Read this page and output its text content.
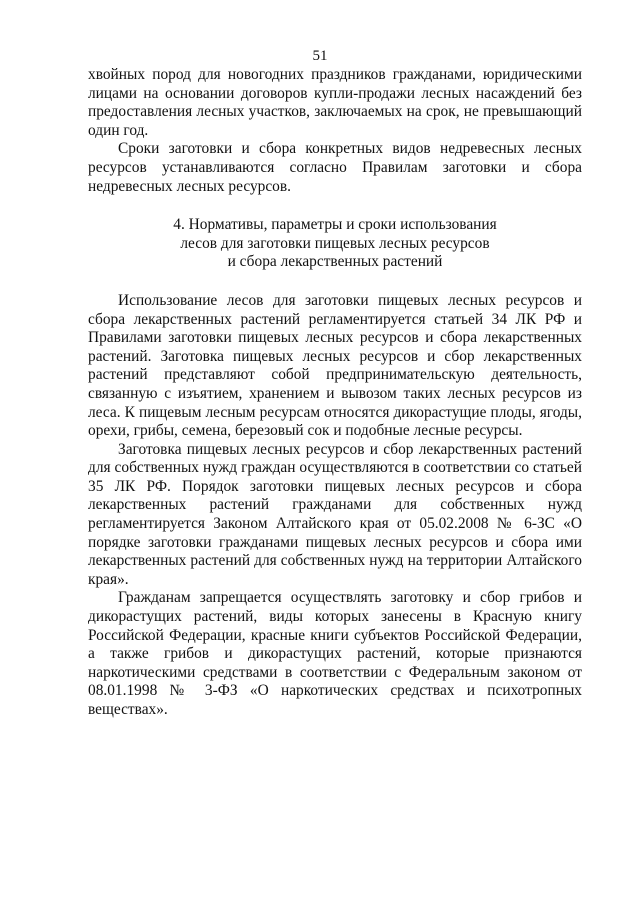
51

хвойных пород для новогодних праздников гражданами, юридическими лицами на основании договоров купли-продажи лесных насаждений без предоставления лесных участков, заключаемых на срок, не превышающий один год.

Сроки заготовки и сбора конкретных видов недревесных лесных ресурсов устанавливаются согласно Правилам заготовки и сбора недревесных лесных ресурсов.

4. Нормативы, параметры и сроки использования
лесов для заготовки пищевых лесных ресурсов
и сбора лекарственных растений

Использование лесов для заготовки пищевых лесных ресурсов и сбора лекарственных растений регламентируется статьей 34 ЛК РФ и Правилами заготовки пищевых лесных ресурсов и сбора лекарственных растений. Заготовка пищевых лесных ресурсов и сбор лекарственных растений представляют собой предпринимательскую деятельность, связанную с изъятием, хранением и вывозом таких лесных ресурсов из леса. К пищевым лесным ресурсам относятся дикорастущие плоды, ягоды, орехи, грибы, семена, березовый сок и подобные лесные ресурсы.

Заготовка пищевых лесных ресурсов и сбор лекарственных растений для собственных нужд граждан осуществляются в соответствии со статьей 35 ЛК РФ. Порядок заготовки пищевых лесных ресурсов и сбора лекарственных растений гражданами для собственных нужд регламентируется Законом Алтайского края от 05.02.2008 № 6-ЗС «О порядке заготовки гражданами пищевых лесных ресурсов и сбора ими лекарственных растений для собственных нужд на территории Алтайского края».

Гражданам запрещается осуществлять заготовку и сбор грибов и дикорастущих растений, виды которых занесены в Красную книгу Российской Федерации, красные книги субъектов Российской Федерации, а также грибов и дикорастущих растений, которые признаются наркотическими средствами в соответствии с Федеральным законом от 08.01.1998 № 3-ФЗ «О наркотических средствах и психотропных веществах».
